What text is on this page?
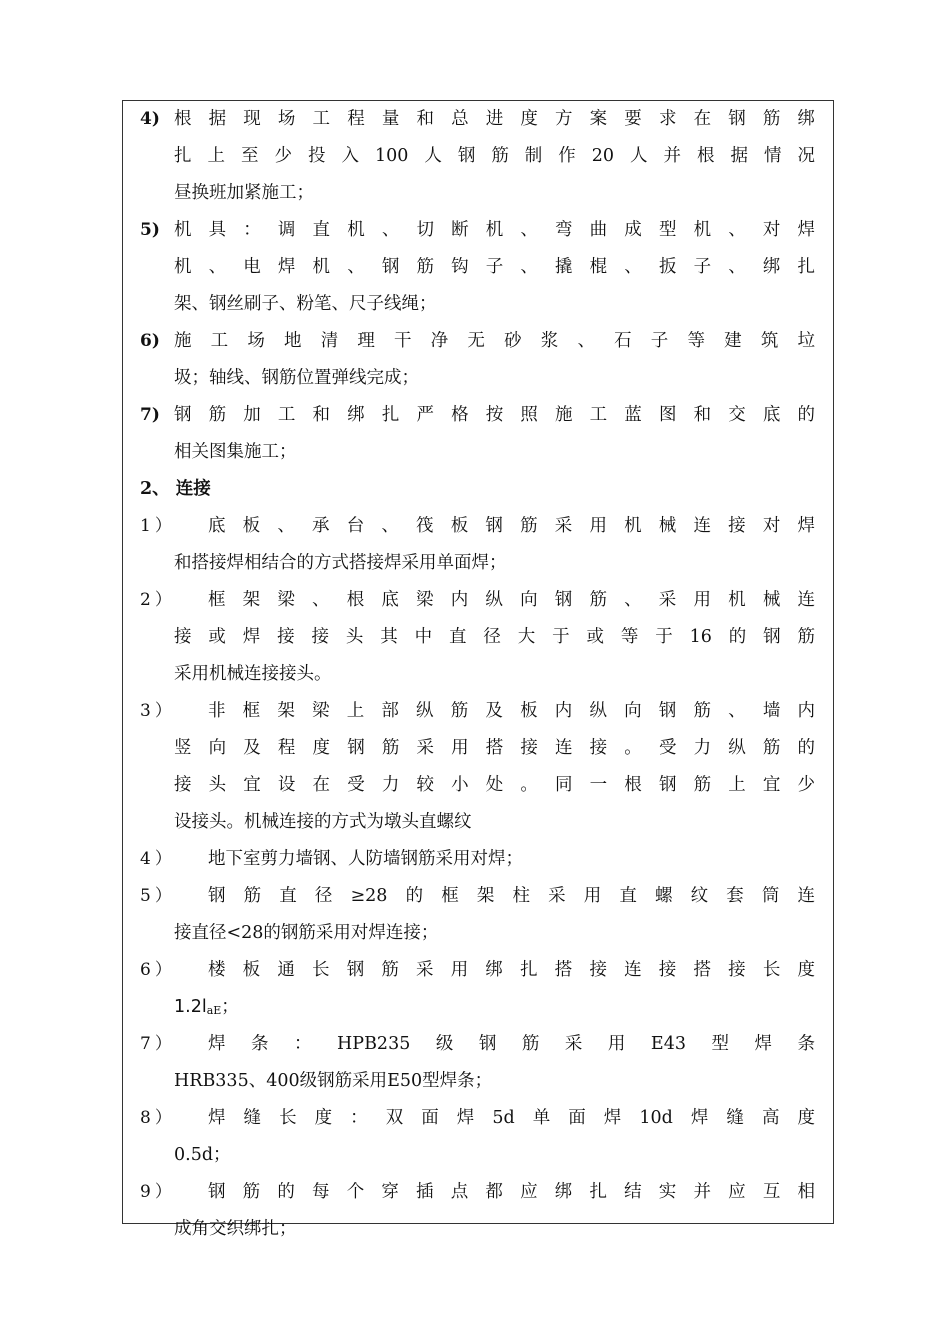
4) 根据现场工程量和总进度方案要求在钢筋绑
扎上至少投入100人钢筋制作20人并根据情况
昼换班加紧施工；
5) 机具：调直机、切断机、弯曲成型机、对焊
机、电焊机、钢筋钩子、撬棍、扳子、绑扎
架、钢丝刷子、粉笔、尺子线绳；
6) 施工场地清理干净无砂浆、石子等建筑垃
圾；轴线、钢筋位置弹线完成；
7) 钢筋加工和绑扎严格按照施工蓝图和交底的
相关图集施工；
2、 连接
1） 底板、承台、筏板钢筋采用机械连接对焊
和搭接焊相结合的方式搭接焊采用单面焊；
2） 框架梁、根底梁内纵向钢筋、采用机械连
接或焊接接头其中直径大于或等于16的钢筋
采用机械连接接头。
3） 非框架梁上部纵筋及板内纵向钢筋、墙内
竖向及程度钢筋采用搭接连接。受力纵筋的
接头宜设在受力较小处。同一根钢筋上宜少
设接头。机械连接的方式为墩头直螺纹
4） 地下室剪力墙钢、人防墙钢筋采用对焊；
5） 钢筋直径≥28的框架柱采用直螺纹套筒连
接直径<28的钢筋采用对焊连接；
6） 楼板通长钢筋采用绑扎搭接连接搭接长度
1.2laE；
7） 焊条：HPB235级钢筋采用E43型焊条
HRB335、400级钢筋采用E50型焊条；
8） 焊缝长度：双面焊5d单面焊10d焊缝高度
0.5d；
9） 钢筋的每个穿插点都应绑扎结实并应互相
成角交织绑扎；
